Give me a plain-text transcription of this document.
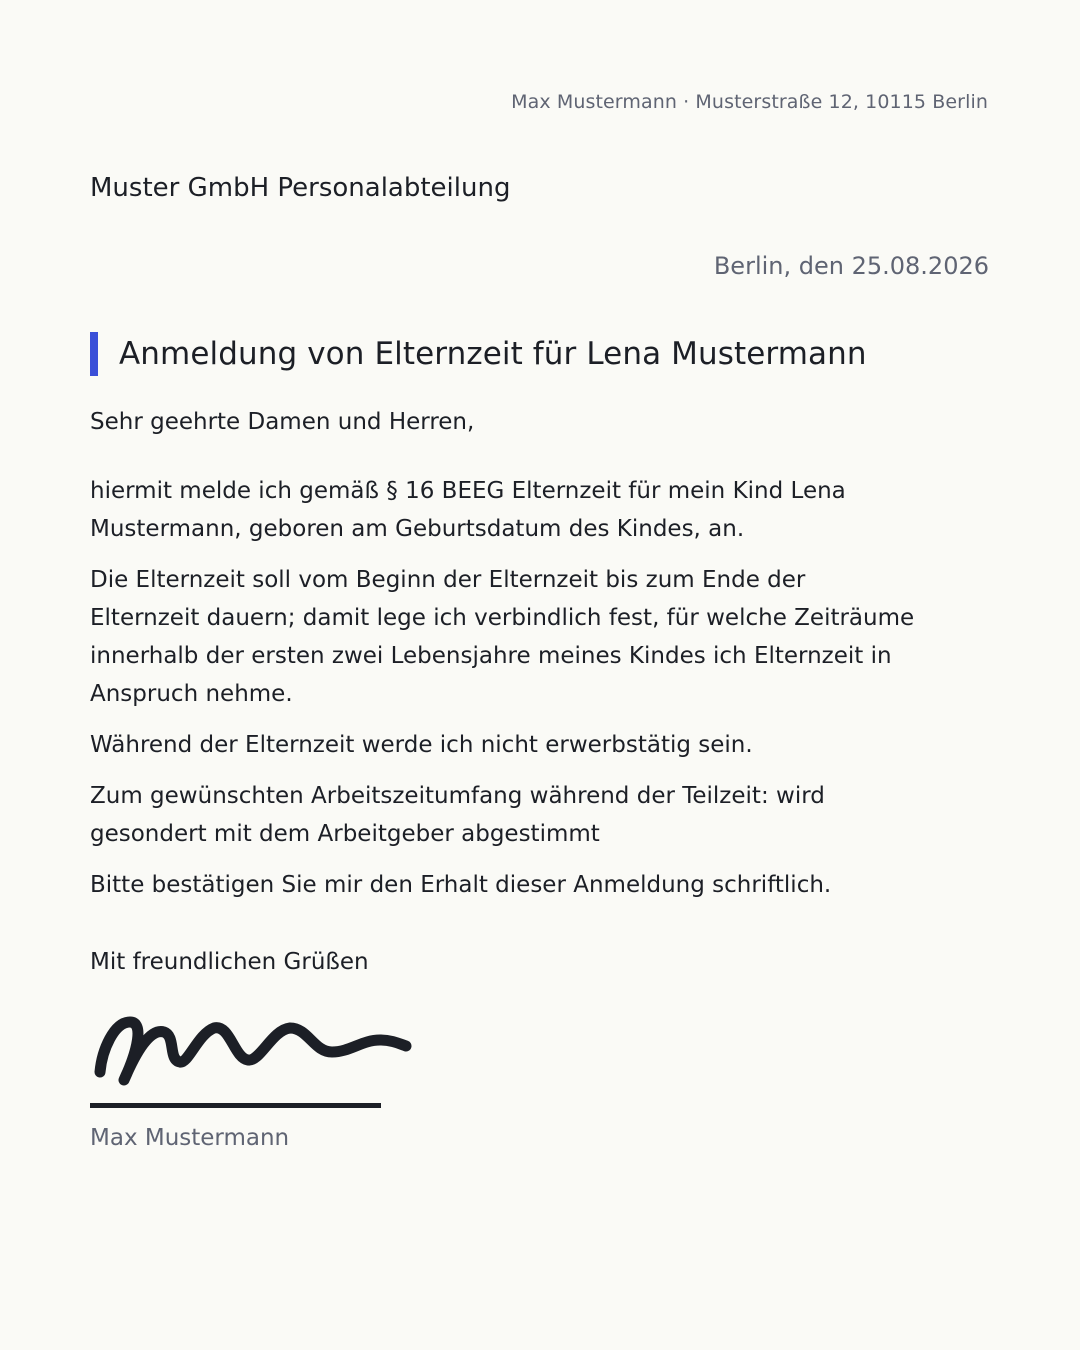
Max Mustermann · Musterstraße 12, 10115 Berlin
Muster GmbH Personalabteilung
Berlin, den 25.08.2026
Anmeldung von Elternzeit für Lena Mustermann
Sehr geehrte Damen und Herren,

hiermit melde ich gemäß § 16 BEEG Elternzeit für mein Kind Lena Mustermann, geboren am Geburtsdatum des Kindes, an.

Die Elternzeit soll vom Beginn der Elternzeit bis zum Ende der Elternzeit dauern; damit lege ich verbindlich fest, für welche Zeiträume innerhalb der ersten zwei Lebensjahre meines Kindes ich Elternzeit in Anspruch nehme.

Während der Elternzeit werde ich nicht erwerbstätig sein.

Zum gewünschten Arbeitszeitumfang während der Teilzeit: wird gesondert mit dem Arbeitgeber abgestimmt

Bitte bestätigen Sie mir den Erhalt dieser Anmeldung schriftlich.

Mit freundlichen Grüßen
Max Mustermann
